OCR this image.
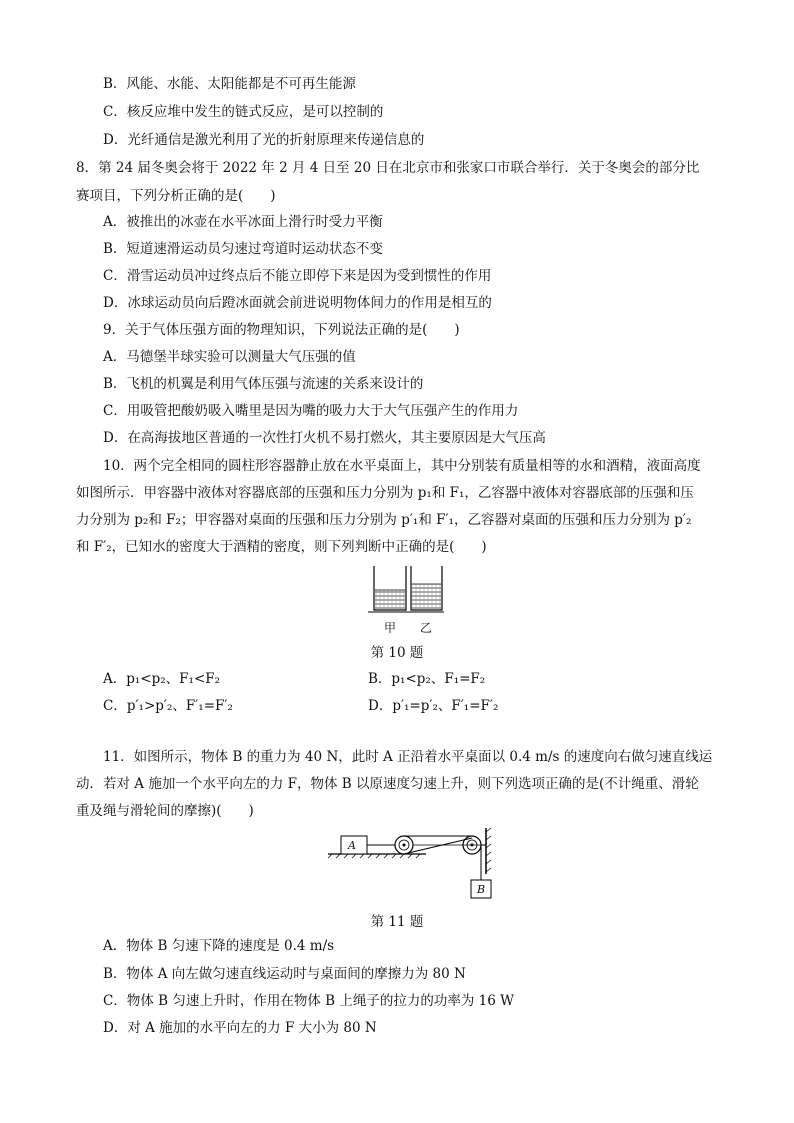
B．风能、水能、太阳能都是不可再生能源
C．核反应堆中发生的链式反应，是可以控制的
D．光纤通信是激光利用了光的折射原理来传递信息的
8．第 24 届冬奥会将于 2022 年 2 月 4 日至 20 日在北京市和张家口市联合举行．关于冬奥会的部分比
赛项目，下列分析正确的是(　　)
A．被推出的冰壶在水平冰面上滑行时受力平衡
B．短道速滑运动员匀速过弯道时运动状态不变
C．滑雪运动员冲过终点后不能立即停下来是因为受到惯性的作用
D．冰球运动员向后蹬冰面就会前进说明物体间力的作用是相互的
9．关于气体压强方面的物理知识，下列说法正确的是(　　)
A．马德堡半球实验可以测量大气压强的值
B．飞机的机翼是利用气体压强与流速的关系来设计的
C．用吸管把酸奶吸入嘴里是因为嘴的吸力大于大气压强产生的作用力
D．在高海拔地区普通的一次性打火机不易打燃火，其主要原因是大气压高
10．两个完全相同的圆柱形容器静止放在水平桌面上，其中分别装有质量相等的水和酒精，液面高度
如图所示．甲容器中液体对容器底部的压强和压力分别为 p₁和 F₁，乙容器中液体对容器底部的压强和压
力分别为 p₂和 F₂；甲容器对桌面的压强和压力分别为 p′₁和 F′₁，乙容器对桌面的压强和压力分别为 p′₂
和 F′₂，已知水的密度大于酒精的密度，则下列判断中正确的是(　　)
甲 乙
第 10 题
A．p₁<p₂、F₁<F₂	B．p₁<p₂、F₁=F₂
C．p′₁>p′₂、F′₁=F′₂	D．p′₁=p′₂、F′₁=F′₂
11．如图所示，物体 B 的重力为 40 N，此时 A 正沿着水平桌面以 0.4 m/s 的速度向右做匀速直线运
动．若对 A 施加一个水平向左的力 F，物体 B 以原速度匀速上升，则下列选项正确的是(不计绳重、滑轮
重及绳与滑轮间的摩擦)(　　)
A
B
第 11 题
A．物体 B 匀速下降的速度是 0.4 m/s
B．物体 A 向左做匀速直线运动时与桌面间的摩擦力为 80 N
C．物体 B 匀速上升时，作用在物体 B 上绳子的拉力的功率为 16 W
D．对 A 施加的水平向左的力 F 大小为 80 N
